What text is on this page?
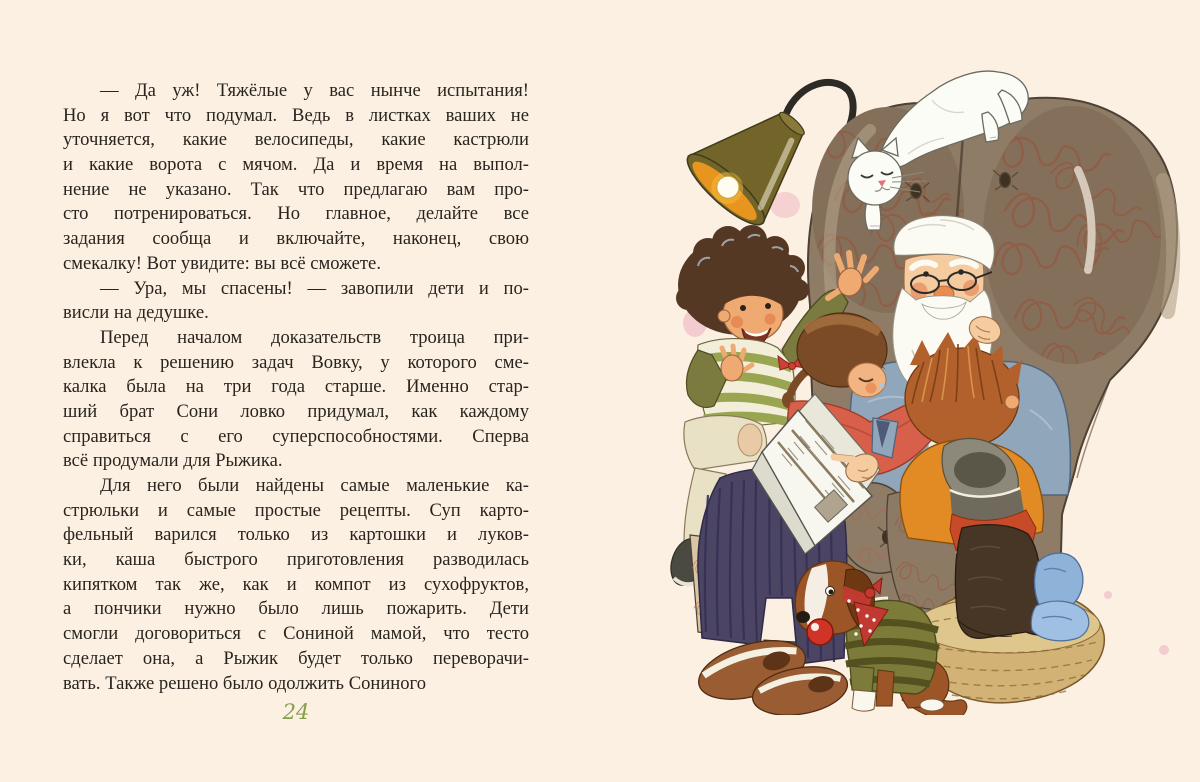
— Да уж! Тяжёлые у вас нынче испытания!
Но я вот что подумал. Ведь в листках ваших не
уточняется, какие велосипеды, какие кастрюли
и какие ворота с мячом. Да и время на выпол-
нение не указано. Так что предлагаю вам про-
сто потренироваться. Но главное, делайте все
задания сообща и включайте, наконец, свою
смекалку! Вот увидите: вы всё сможете.
— Ура, мы спасены! — завопили дети и по-
висли на дедушке.
Перед началом доказательств троица при-
влекла к решению задач Вовку, у которого сме-
калка была на три года старше. Именно стар-
ший брат Сони ловко придумал, как каждому
справиться с его суперспособностями. Сперва
всё продумали для Рыжика.
Для него были найдены самые маленькие ка-
стрюльки и самые простые рецепты. Суп карто-
фельный варился только из картошки и луков-
ки, каша быстрого приготовления разводилась
кипятком так же, как и компот из сухофруктов,
а пончики нужно было лишь пожарить. Дети
смогли договориться с Сониной мамой, что тесто
сделает она, а Рыжик будет только переворачи-
вать. Также решено было одолжить Сониного
24
